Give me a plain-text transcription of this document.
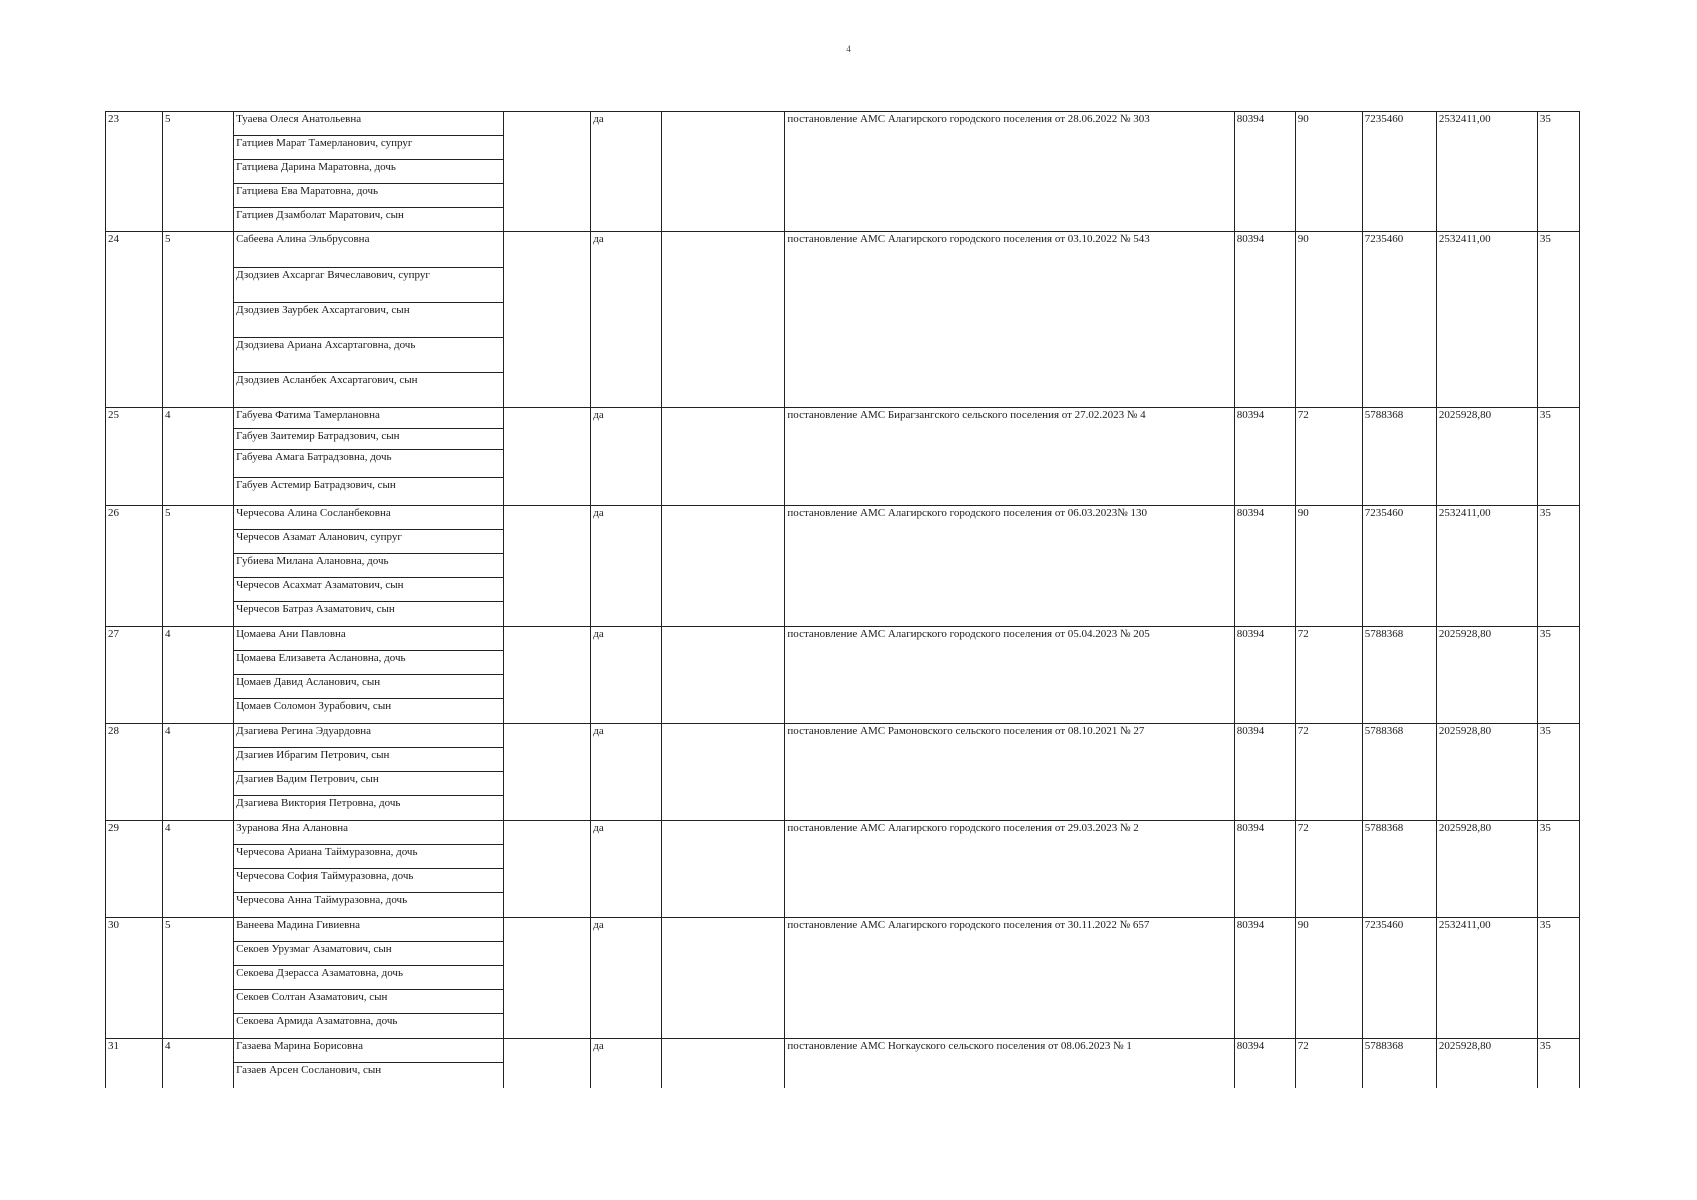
4
23	5	Туаева Олеся Анатольевна		да		постановление АМС Алагирского городского поселения от 28.06.2022 № 303	80394	90	7235460	2532411,00	35
		Гатциев Марат Тамерланович, супруг									
		Гатциева Дарина Маратовна, дочь									
		Гатциева Ева Маратовна, дочь									
		Гатциев Дзамболат Маратович, сын									
24	5	Сабеева Алина Эльбрусовна		да		постановление АМС Алагирского городского поселения от 03.10.2022 № 543	80394	90	7235460	2532411,00	35
		Дзодзиев Ахсаргаг Вячеславович, супруг									
		Дзодзиев Заурбек Ахсартагович, сын									
		Дзодзиева Ариана Ахсартаговна, дочь									
		Дзодзиев Асланбек Ахсартагович, сын									
25	4	Габуева Фатима Тамерлановна		да		постановление АМС Бирагзангского сельского поселения от 27.02.2023 № 4	80394	72	5788368	2025928,80	35
		Габуев Заитемир Батрадзович, сын									
		Габуева Амага Батрадзовна, дочь									
		Габуев Астемир Батрадзович, сын									
26	5	Черчесова Алина Сосланбековна		да		постановление АМС Алагирского городского поселения от 06.03.2023№ 130	80394	90	7235460	2532411,00	35
		Черчесов Азамат Аланович, супруг									
		Губиева Милана Алановна, дочь									
		Черчесов Асахмат Азаматович, сын									
		Черчесов Батраз Азаматович, сын									
27	4	Цомаева Ани Павловна		да		постановление АМС Алагирского городского поселения от 05.04.2023 № 205	80394	72	5788368	2025928,80	35
		Цомаева Елизавета Аслановна, дочь									
		Цомаев Давид Асланович, сын									
		Цомаев Соломон Зурабович, сын									
28	4	Дзагиева Регина Эдуардовна		да		постановление АМС Рамоновского сельского поселения от 08.10.2021 № 27	80394	72	5788368	2025928,80	35
		Дзагиев Ибрагим Петрович, сын									
		Дзагиев Вадим Петрович, сын									
		Дзагиева Виктория Петровна, дочь									
29	4	Зуранова Яна Алановна		да		постановление АМС Алагирского городского поселения от 29.03.2023 № 2	80394	72	5788368	2025928,80	35
		Черчесова Ариана Таймуразовна, дочь									
		Черчесова София Таймуразовна, дочь									
		Черчесова Анна Таймуразовна, дочь									
30	5	Ванеева Мадина Гивиевна		да		постановление АМС Алагирского городского поселения от 30.11.2022 № 657	80394	90	7235460	2532411,00	35
		Секоев Урузмаг Азаматович, сын									
		Секоева Дзерасса Азаматовна, дочь									
		Секоев Солтан Азаматович, сын									
		Секоева Армида Азаматовна, дочь									
31	4	Газаева Марина Борисовна		да		постановление АМС Ногкауского сельского поселения от 08.06.2023 № 1	80394	72	5788368	2025928,80	35
		Газаев Арсен Сосланович, сын									
